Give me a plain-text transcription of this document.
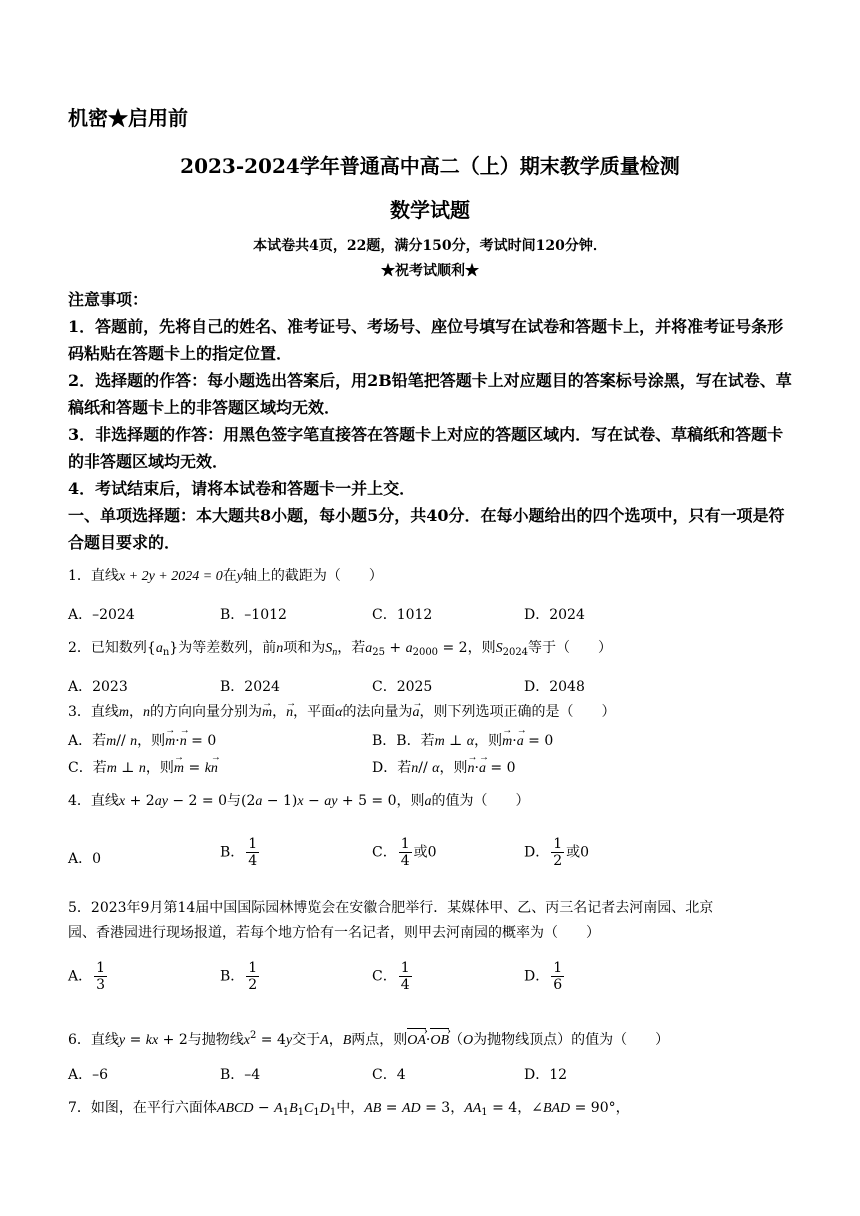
机密★启用前
2023-2024学年普通高中高二（上）期末教学质量检测
数学试题
本试卷共4页，22题，满分150分，考试时间120分钟．
★祝考试顺利★
注意事项：
1．答题前，先将自己的姓名、准考证号、考场号、座位号填写在试卷和答题卡上，并将准考证号条形码粘贴在答题卡上的指定位置．
2．选择题的作答：每小题选出答案后，用2B铅笔把答题卡上对应题目的答案标号涂黑，写在试卷、草稿纸和答题卡上的非答题区域均无效．
3．非选择题的作答：用黑色签字笔直接答在答题卡上对应的答题区域内．写在试卷、草稿纸和答题卡的非答题区域均无效．
4．考试结束后，请将本试卷和答题卡一并上交．
一、单项选择题：本大题共8小题，每小题5分，共40分．在每小题给出的四个选项中，只有一项是符合题目要求的．
1．直线x + 2y + 2024 = 0在y轴上的截距为（　　）
A．–2024	B．–1012	C．1012	D．2024
2．已知数列$\{a_n\}$为等差数列，前n项和为$S_n$，若$a_{25} + a_{2000} = 2$，则$S_{2024}$等于（　　）
A．2023	B．2024	C．2025	D．2048
3．直线m，n的方向向量分别为→ m，→ n，平面α的法向量为→ a，则下列选项正确的是（　　）
A．若m// n，则→ m·→ n = 0	B．B．若m ⊥ α，则→ m·→ a = 0
C．若m ⊥ n，则→ m = k→ n	D．若n// α，则→ n·→ a = 0
4．直线x + 2ay − 2 = 0与(2a − 1)x − ay + 5 = 0，则a的值为（　　）
A．0	B． $\frac{1}{4}$	C． $\frac{1}{4}$ 或0	D． $\frac{1}{2}$ 或0
5．2023年9月第14届中国国际园林博览会在安徽合肥举行．某媒体甲、乙、丙三名记者去河南园、北京
园、香港园进行现场报道，若每个地方恰有一名记者，则甲去河南园的概率为（　　）
A． $\frac{1}{3}$	B． $\frac{1}{2}$	C． $\frac{1}{4}$	D． $\frac{1}{6}$
6．直线y = kx + 2与抛物线$x^2 = 4y$交于A，B两点，则OA ›·OB ›（O为抛物线顶点）的值为（　　）
A．–6	B．–4	C．4	D．12
7．如图，在平行六面体ABCD − $A_1B_1C_1D_1$中，AB = AD = 3，$AA_1 = 4$，∠BAD = 90°，
